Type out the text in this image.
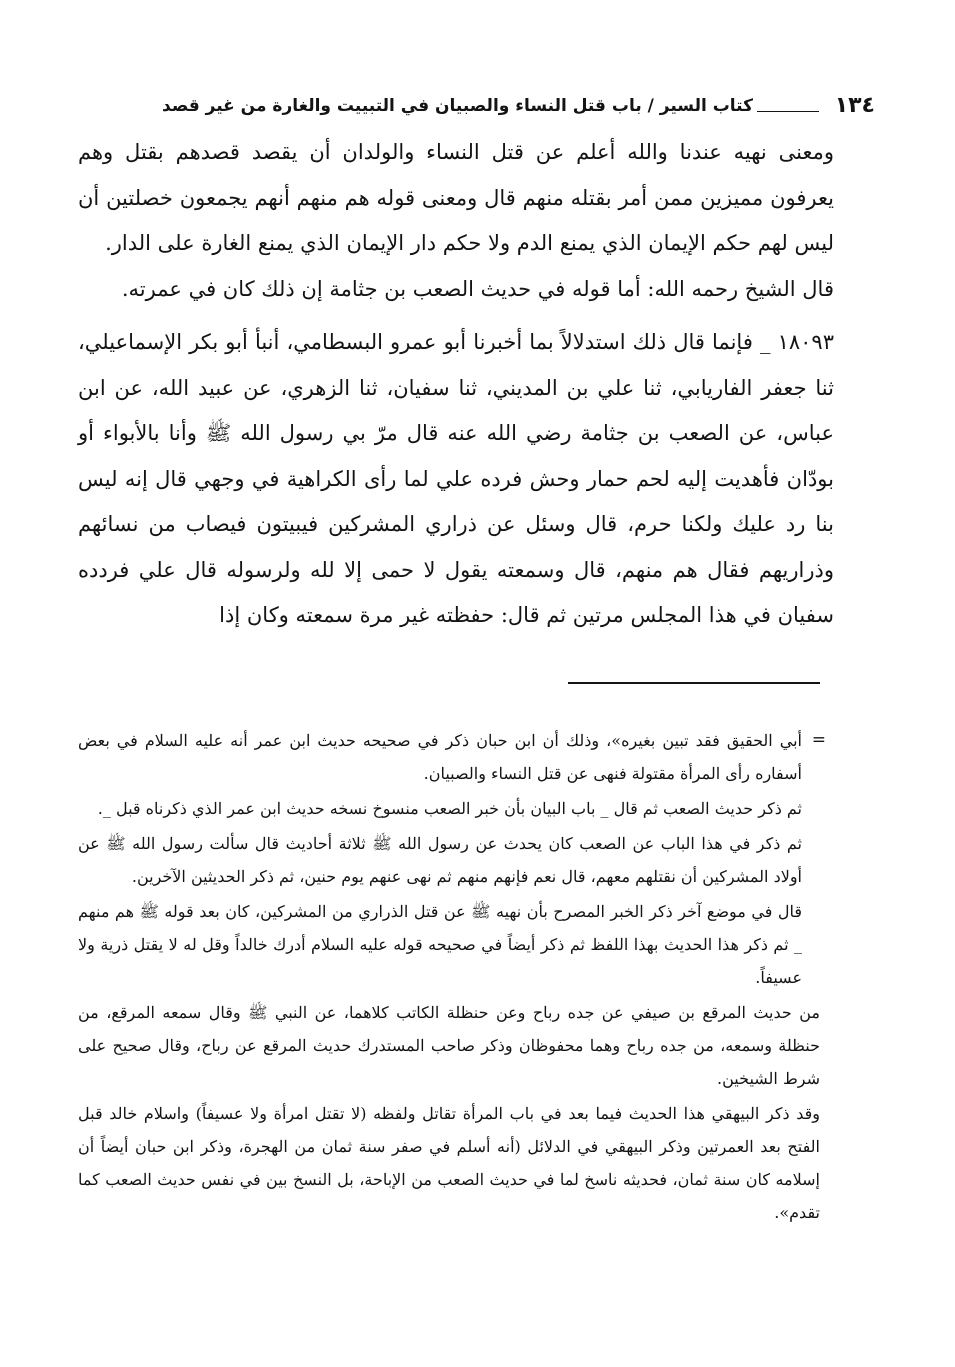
١٣٤
كتاب السير / باب قتل النساء والصبيان في التبييت والغارة من غير قصد

ومعنى نهيه عندنا والله أعلم عن قتل النساء والولدان أن يقصد قصدهم بقتل وهم يعرفون مميزين ممن أمر بقتله منهم قال ومعنى قوله هم منهم أنهم يجمعون خصلتين أن ليس لهم حكم الإيمان الذي يمنع الدم ولا حكم دار الإيمان الذي يمنع الغارة على الدار.

قال الشيخ رحمه الله: أما قوله في حديث الصعب بن جثامة إن ذلك كان في عمرته.

١٨٠٩٣ _ فإنما قال ذلك استدلالاً بما أخبرنا أبو عمرو البسطامي، أنبأ أبو بكر الإسماعيلي، ثنا جعفر الفاريابي، ثنا علي بن المديني، ثنا سفيان، ثنا الزهري، عن عبيد الله، عن ابن عباس، عن الصعب بن جثامة رضي الله عنه قال مرّ بي رسول الله ﷺ وأنا بالأبواء أو بودّان فأهديت إليه لحم حمار وحش فرده علي لما رأى الكراهية في وجهي قال إنه ليس بنا رد عليك ولكنا حرم، قال وسئل عن ذراري المشركين فيبيتون فيصاب من نسائهم وذراريهم فقال هم منهم، قال وسمعته يقول لا حمى إلا لله ولرسوله قال علي فردده سفيان في هذا المجلس مرتين ثم قال: حفظته غير مرة سمعته وكان إذا

=

أبي الحقيق فقد تبين بغيره»، وذلك أن ابن حبان ذكر في صحيحه حديث ابن عمر أنه عليه السلام في بعض أسفاره رأى المرأة مقتولة فنهى عن قتل النساء والصبيان.

ثم ذكر حديث الصعب ثم قال _ باب البيان بأن خبر الصعب منسوخ نسخه حديث ابن عمر الذي ذكرناه قبل _.

ثم ذكر في هذا الباب عن الصعب كان يحدث عن رسول الله ﷺ ثلاثة أحاديث قال سألت رسول الله ﷺ عن أولاد المشركين أن نقتلهم معهم، قال نعم فإنهم منهم ثم نهى عنهم يوم حنين، ثم ذكر الحديثين الآخرين.

قال في موضع آخر ذكر الخبر المصرح بأن نهيه ﷺ عن قتل الذراري من المشركين، كان بعد قوله ﷺ هم منهم _ ثم ذكر هذا الحديث بهذا اللفظ ثم ذكر أيضاً في صحيحه قوله عليه السلام أدرك خالداً وقل له لا يقتل ذرية ولا عسيفاً.

من حديث المرقع بن صيفي عن جده رباح وعن حنظلة الكاتب كلاهما، عن النبي ﷺ وقال سمعه المرقع، من حنظلة وسمعه، من جده رباح وهما محفوظان وذكر صاحب المستدرك حديث المرقع عن رباح، وقال صحيح على شرط الشيخين.

وقد ذكر البيهقي هذا الحديث فيما بعد في باب المرأة تقاتل ولفظه (لا تقتل امرأة ولا عسيفاً) واسلام خالد قبل الفتح بعد العمرتين وذكر البيهقي في الدلائل (أنه أسلم في صفر سنة ثمان من الهجرة، وذكر ابن حبان أيضاً أن إسلامه كان سنة ثمان، فحديثه ناسخ لما في حديث الصعب من الإباحة، بل النسخ بين في نفس حديث الصعب كما تقدم».
